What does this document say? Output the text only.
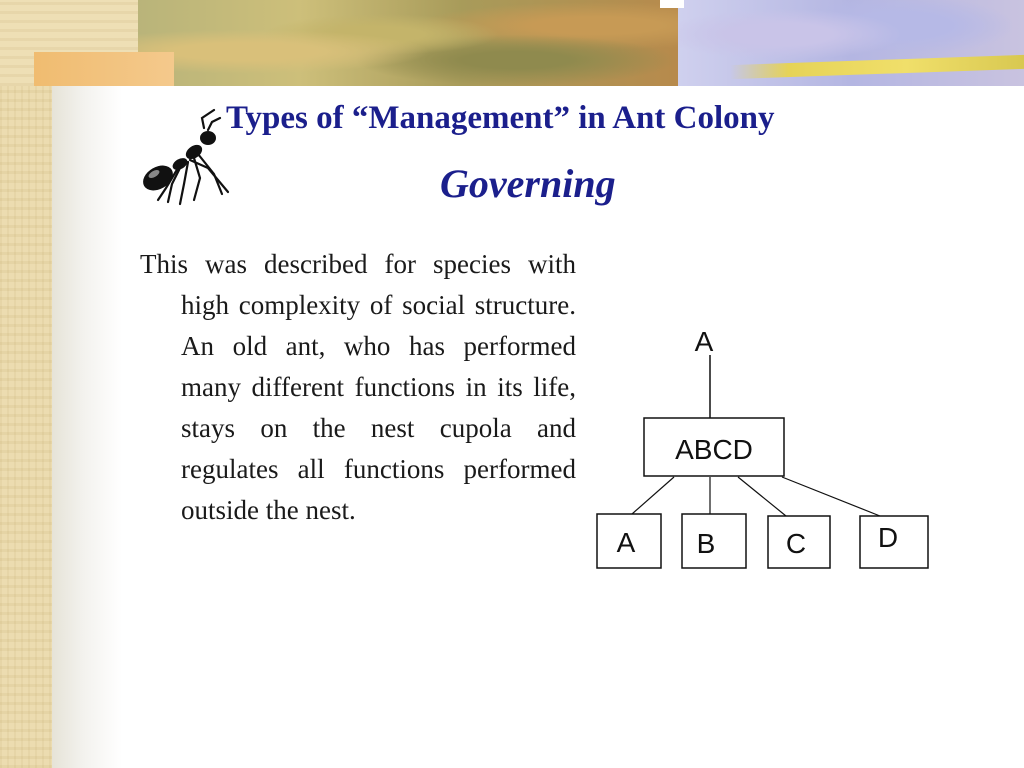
Types of “Management” in Ant Colony
Governing

This was described for species with high complexity of social structure. An old ant, who has performed many different functions in its life, stays on the nest cupola and regulates all functions performed outside the nest.

A
ABCD
A B	C	D
